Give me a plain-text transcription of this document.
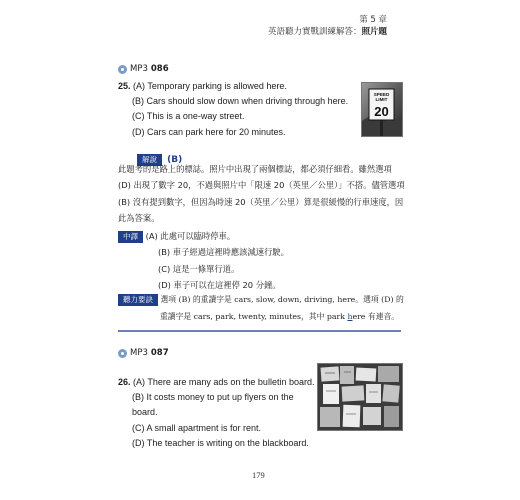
第 5 章
英語聽力實戰訓練解答：照片題
MP3 086
25. (A) Temporary parking is allowed here.
(B) Cars should slow down when driving through here.
(C) This is a one-way street.
(D) Cars can park here for 20 minutes.
SPEED
LIMIT
20
解說 (B)
此題考的是路上的標誌。照片中出現了兩個標誌，都必須仔細看。雖然選項
(D) 出現了數字 20，不過與照片中「限速 20（英里／公里）」不搭。儘管選項
(B) 沒有提到數字，但因為時速 20（英里／公里）算是很緩慢的行車速度，因
此為答案。
中譯 (A) 此處可以臨時停車。
(B) 車子經過這裡時應該減速行駛。
(C) 這是一條單行道。
(D) 車子可以在這裡停 20 分鐘。
聽力要訣 選項 (B) 的重讀字是 cars, slow, down, driving, here。選項 (D) 的
重讀字是 cars, park, twenty, minutes，其中 park here 有連音。
MP3 087
26. (A) There are many ads on the bulletin board.
(B) It costs money to put up flyers on the board.
(C) A small apartment is for rent.
(D) The teacher is writing on the blackboard.
179
